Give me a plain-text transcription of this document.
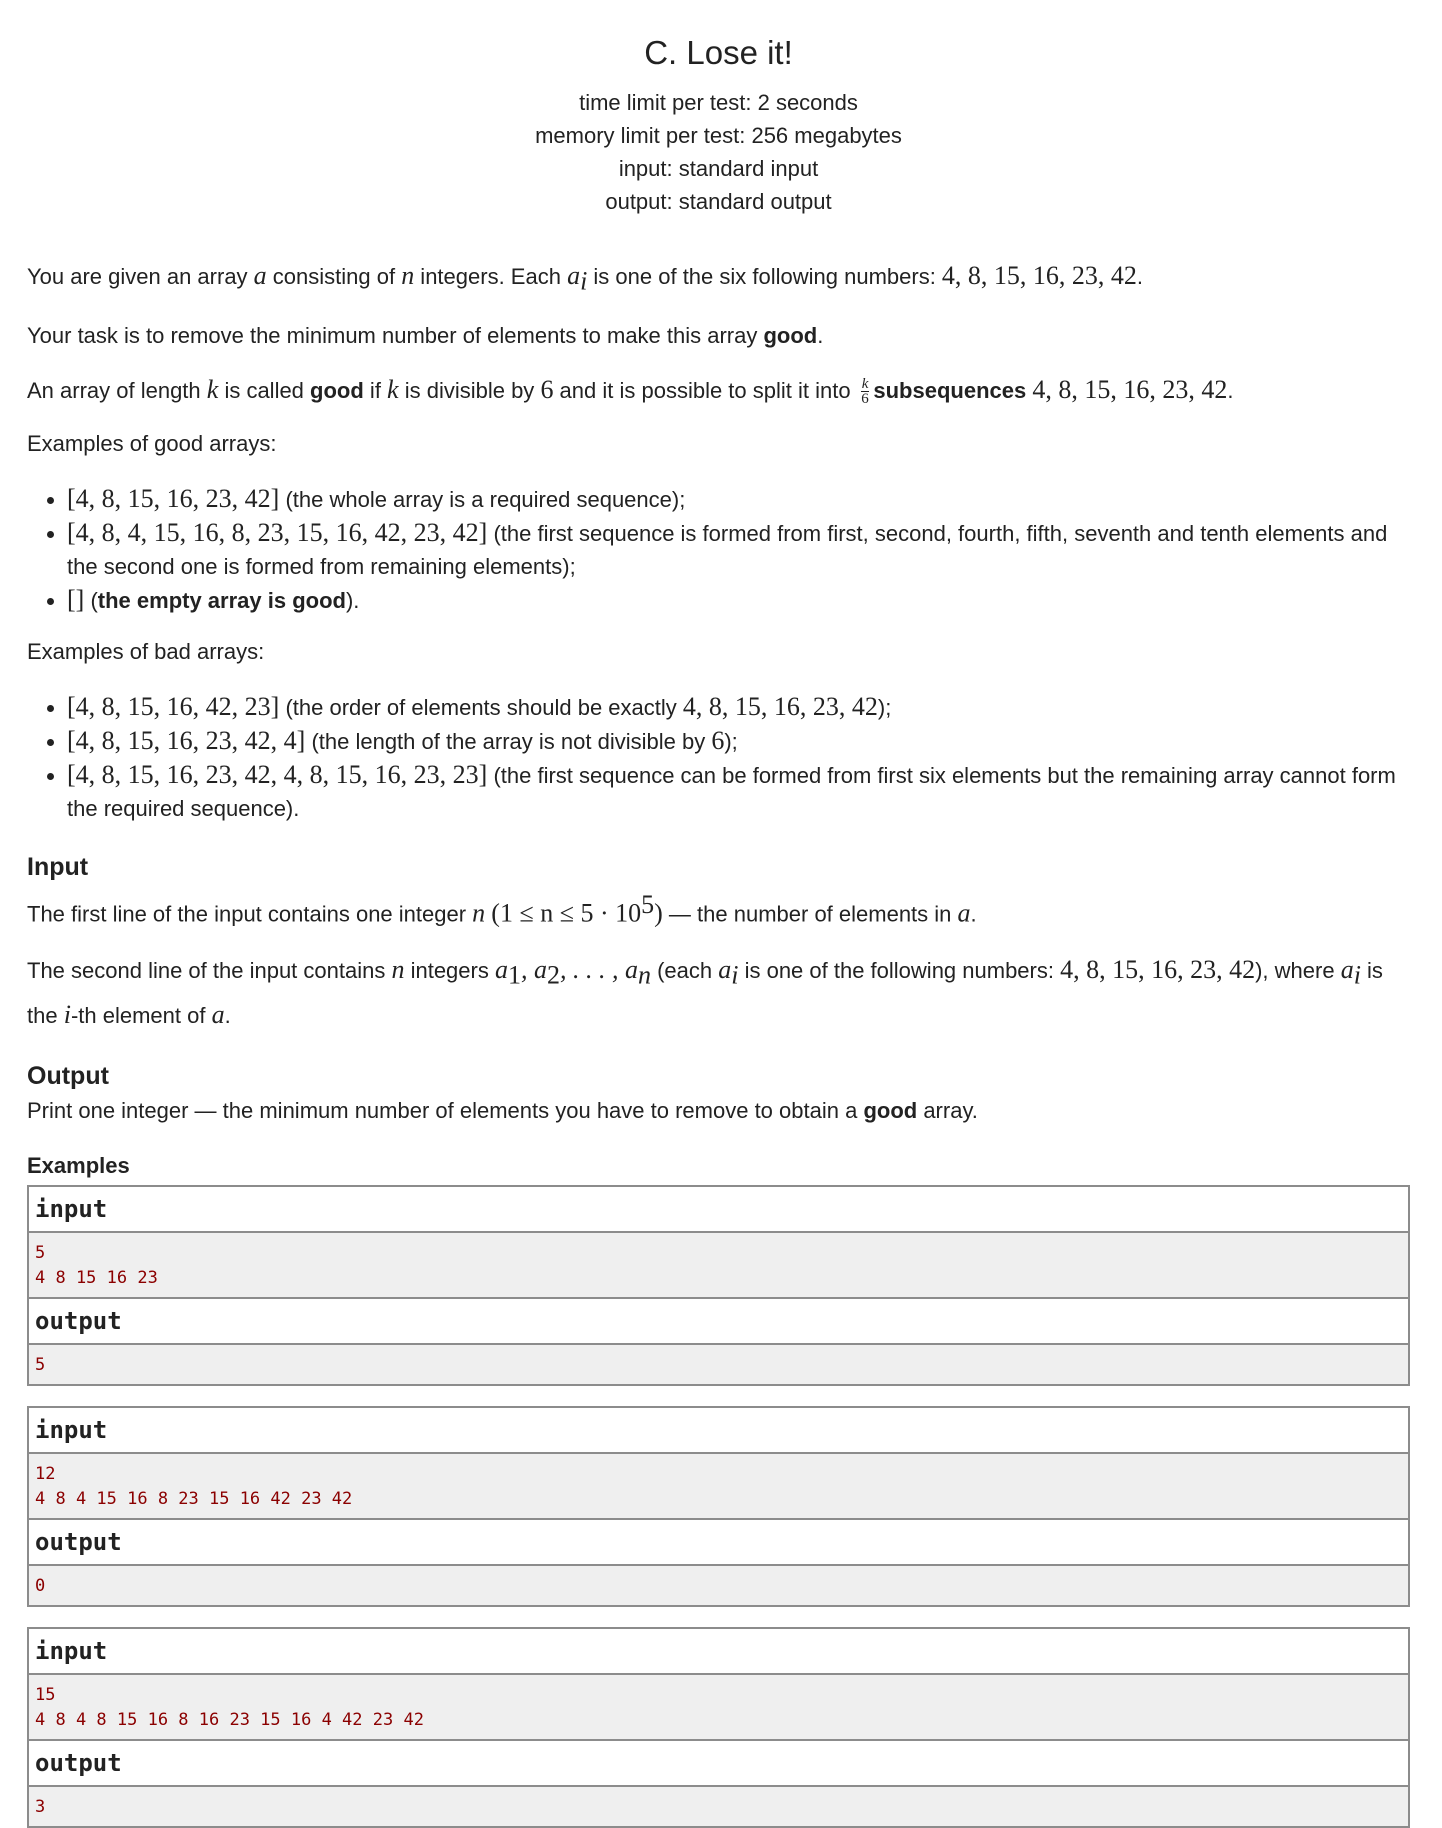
C. Lose it!
time limit per test: 2 seconds
memory limit per test: 256 megabytes
input: standard input
output: standard output

You are given an array a consisting of n integers. Each $a_i$ is one of the six following numbers: 4, 8, 15, 16, 23, 42.

Your task is to remove the minimum number of elements to make this array good.

An array of length k is called good if k is divisible by 6 and it is possible to split it into $\frac{k}{6}$ subsequences 4, 8, 15, 16, 23, 42.

Examples of good arrays:

• [4, 8, 15, 16, 23, 42] (the whole array is a required sequence);
• [4, 8, 4, 15, 16, 8, 23, 15, 16, 42, 23, 42] (the first sequence is formed from first, second, fourth, fifth, seventh and tenth elements and the second one is formed from remaining elements);
• [] (the empty array is good).

Examples of bad arrays:

• [4, 8, 15, 16, 42, 23] (the order of elements should be exactly 4, 8, 15, 16, 23, 42);
• [4, 8, 15, 16, 23, 42, 4] (the length of the array is not divisible by 6);
• [4, 8, 15, 16, 23, 42, 4, 8, 15, 16, 23, 23] (the first sequence can be formed from first six elements but the remaining array cannot form the required sequence).
Input

The first line of the input contains one integer n $(1 \le n \le 5 \cdot 10^5)$ — the number of elements in a.

The second line of the input contains n integers $a_1$, $a_2$, . . . , $a_n$ (each $a_i$ is one of the following numbers: 4, 8, 15, 16, 23, 42), where $a_i$ is the i-th element of a.

Output

Print one integer — the minimum number of elements you have to remove to obtain a good array.

Examples
input
5
4 8 15 16 23
output
5
input
12
4 8 4 15 16 8 23 15 16 42 23 42
output
0
input
15
4 8 4 8 15 16 8 16 23 15 16 4 42 23 42
output
3
